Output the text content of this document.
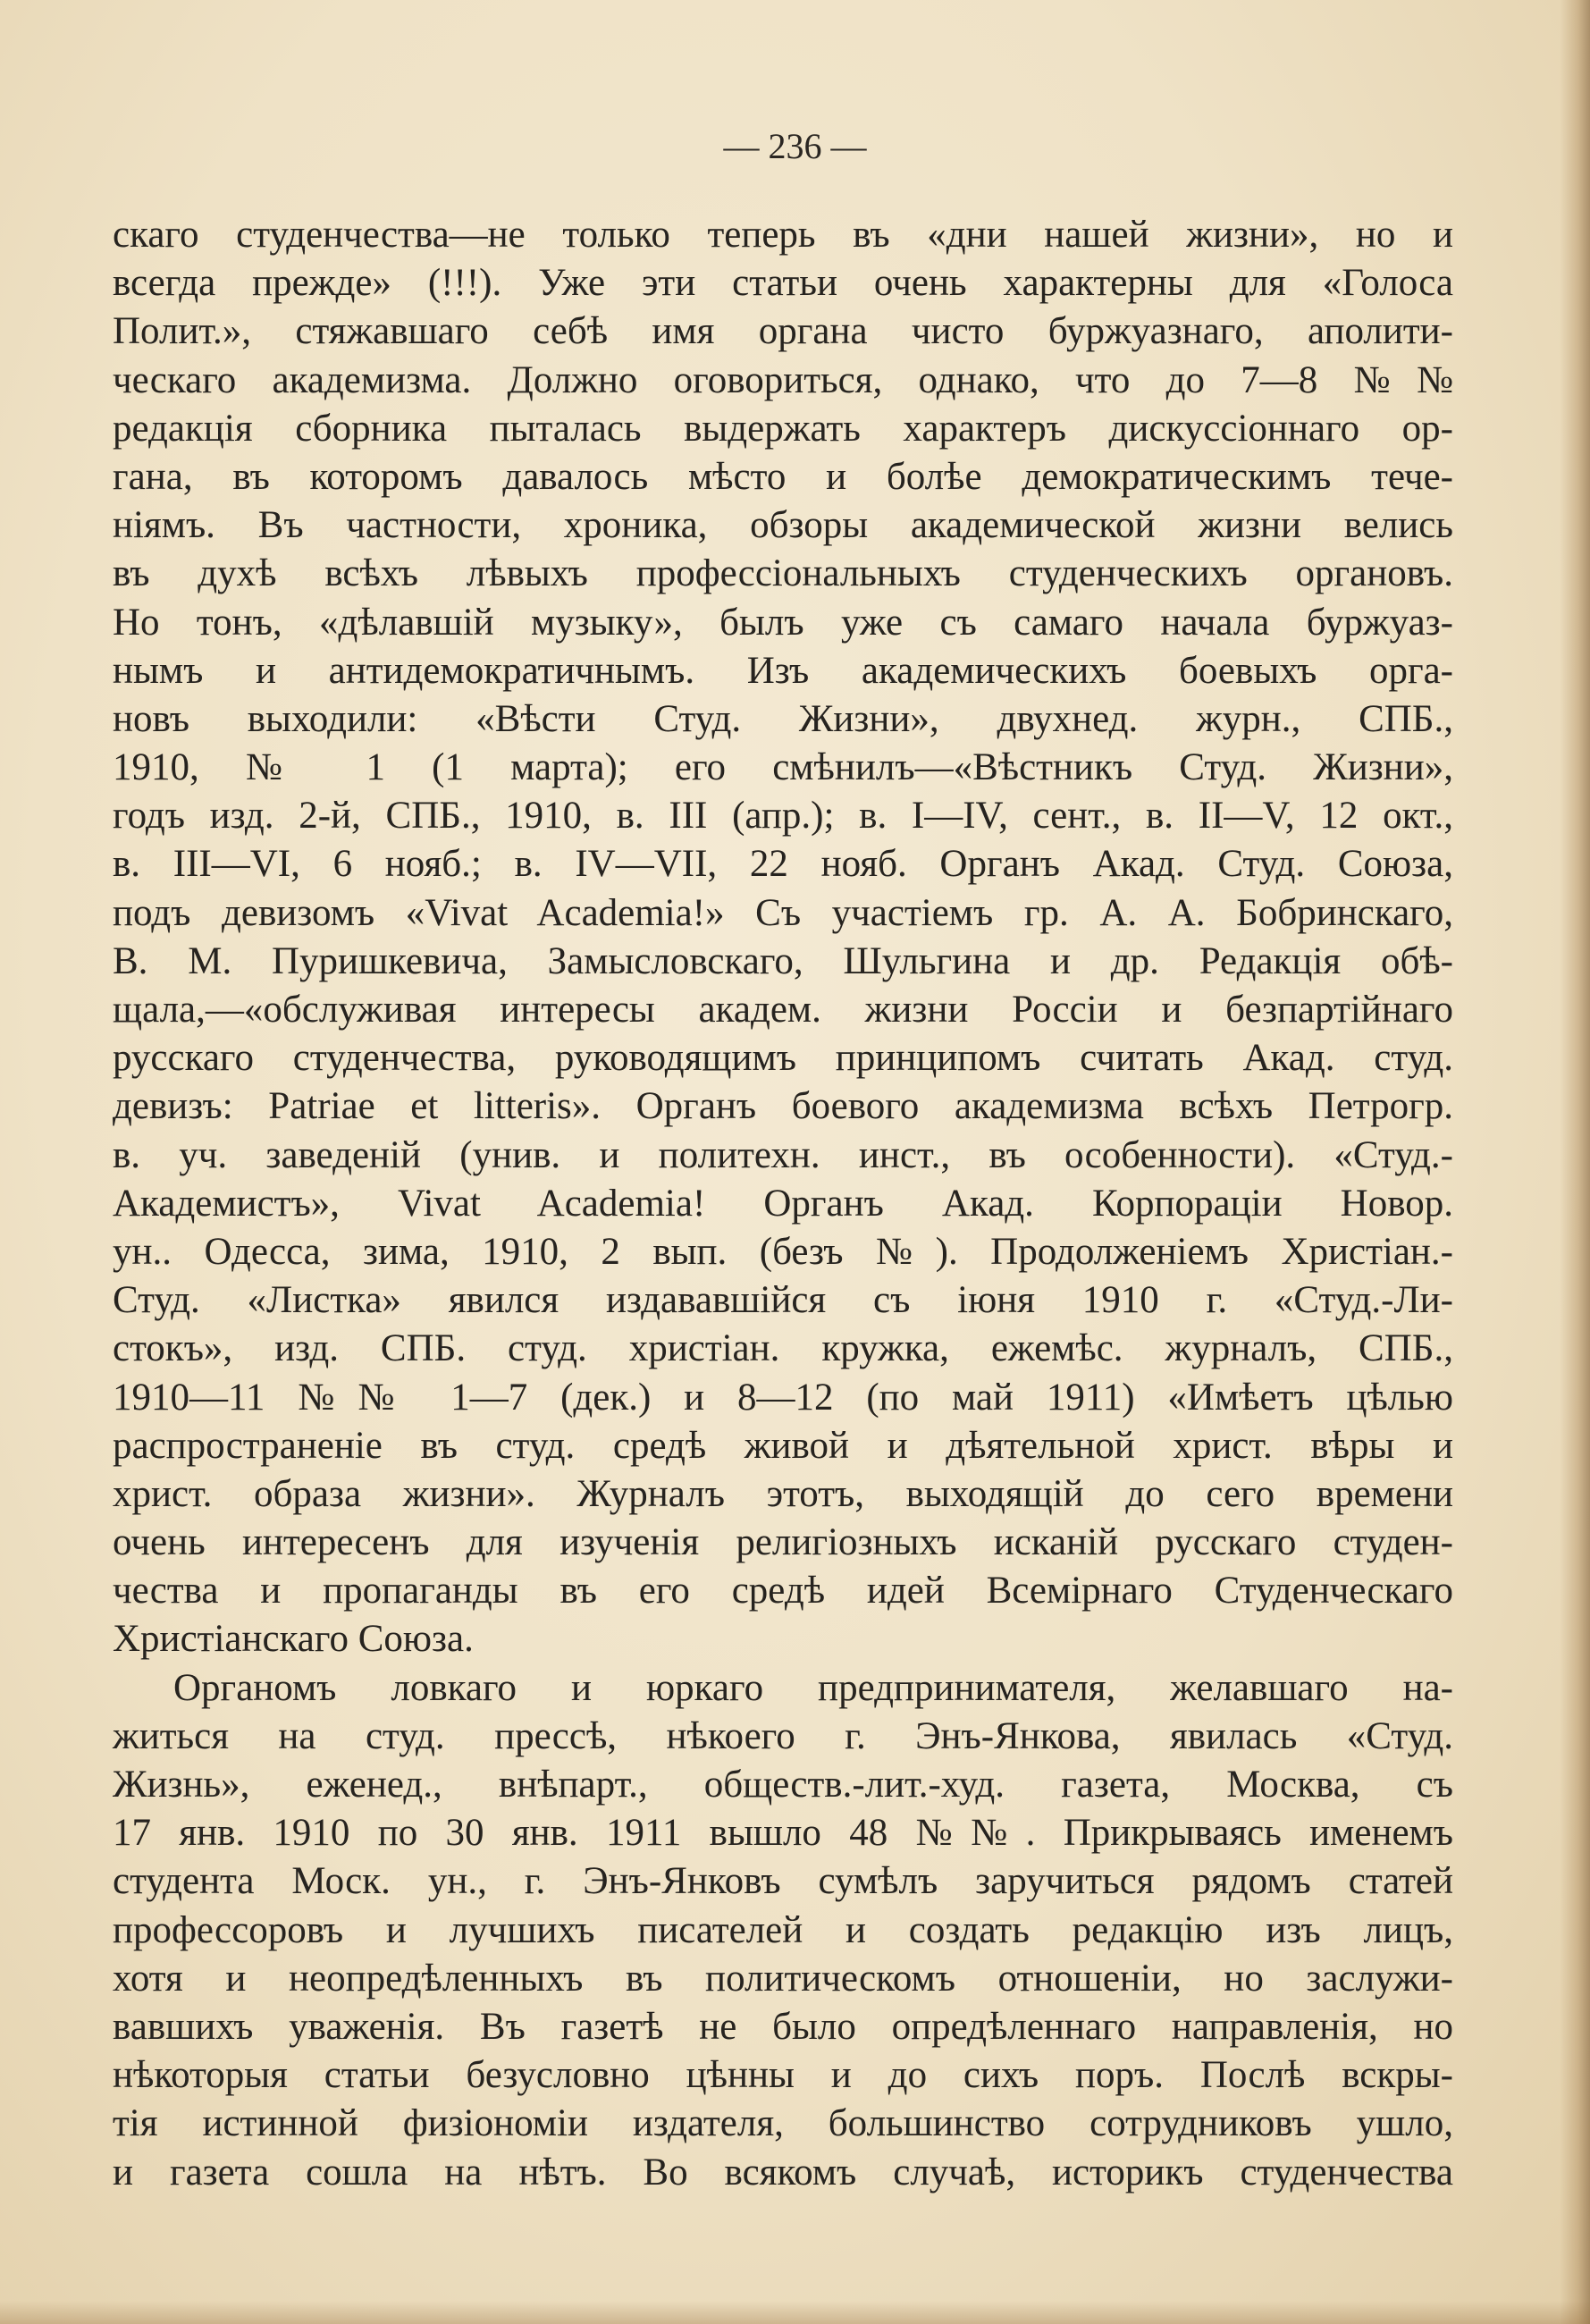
— 236 —
скаго студенчества—не только теперь въ «дни нашей жизни», но и
всегда прежде» (!!!). Уже эти статьи очень характерны для «Голоса
Полит.», стяжавшаго себѣ имя органа чисто буржуазнаго, аполити-
ческаго академизма. Должно оговориться, однако, что до 7—8 №№
редакція сборника пыталась выдержать характеръ дискуссіоннаго ор-
гана, въ которомъ давалось мѣсто и болѣе демократическимъ тече-
ніямъ. Въ частности, хроника, обзоры академической жизни велись
въ духѣ всѣхъ лѣвыхъ профессіональныхъ студенческихъ органовъ.
Но тонъ, «дѣлавшій музыку», былъ уже съ самаго начала буржуаз-
нымъ и антидемократичнымъ. Изъ академическихъ боевыхъ орга-
новъ выходили: «Вѣсти Студ. Жизни», двухнед. журн., СПБ.,
1910, № 1 (1 марта); его смѣнилъ—«Вѣстникъ Студ. Жизни»,
годъ изд. 2-й, СПБ., 1910, в. III (апр.); в. I—IV, сент., в. II—V, 12 окт.,
в. III—VI, 6 нояб.; в. IV—VII, 22 нояб. Органъ Акад. Студ. Союза,
подъ девизомъ «Vivat Academia!» Съ участіемъ гр. А. А. Бобринскаго,
В. М. Пуришкевича, Замысловскаго, Шульгина и др. Редакція обѣ-
щала,—«обслуживая интересы академ. жизни Россіи и безпартійнаго
русскаго студенчества, руководящимъ принципомъ считать Акад. студ.
девизъ: Patriae et litteris». Органъ боевого академизма всѣхъ Петрогр.
в. уч. заведеній (унив. и политехн. инст., въ особенности). «Студ.-
Академистъ», Vivat Academia! Органъ Акад. Корпораціи Новор.
ун.. Одесса, зима, 1910, 2 вып. (безъ №). Продолженіемъ Христіан.-
Студ. «Листка» явился издававшійся съ іюня 1910 г. «Студ.-Ли-
стокъ», изд. СПБ. студ. христіан. кружка, ежемѣс. журналъ, СПБ.,
1910—11 №№ 1—7 (дек.) и 8—12 (по май 1911) «Имѣетъ цѣлью
распространеніе въ студ. средѣ живой и дѣятельной христ. вѣры и
христ. образа жизни». Журналъ этотъ, выходящій до сего времени
очень интересенъ для изученія религіозныхъ исканій русскаго студен-
чества и пропаганды въ его средѣ идей Всемірнаго Студенческаго
Христіанскаго Союза.
Органомъ ловкаго и юркаго предпринимателя, желавшаго на-
житься на студ. прессѣ, нѣкоего г. Энъ-Янкова, явилась «Студ.
Жизнь», еженед., внѣпарт., обществ.-лит.-худ. газета, Москва, съ
17 янв. 1910 по 30 янв. 1911 вышло 48 №№. Прикрываясь именемъ
студента Моск. ун., г. Энъ-Янковъ сумѣлъ заручиться рядомъ статей
профессоровъ и лучшихъ писателей и создать редакцію изъ лицъ,
хотя и неопредѣленныхъ въ политическомъ отношеніи, но заслужи-
вавшихъ уваженія. Въ газетѣ не было опредѣленнаго направленія, но
нѣкоторыя статьи безусловно цѣнны и до сихъ поръ. Послѣ вскры-
тія истинной физіономіи издателя, большинство сотрудниковъ ушло,
и газета сошла на нѣтъ. Во всякомъ случаѣ, историкъ студенчества
